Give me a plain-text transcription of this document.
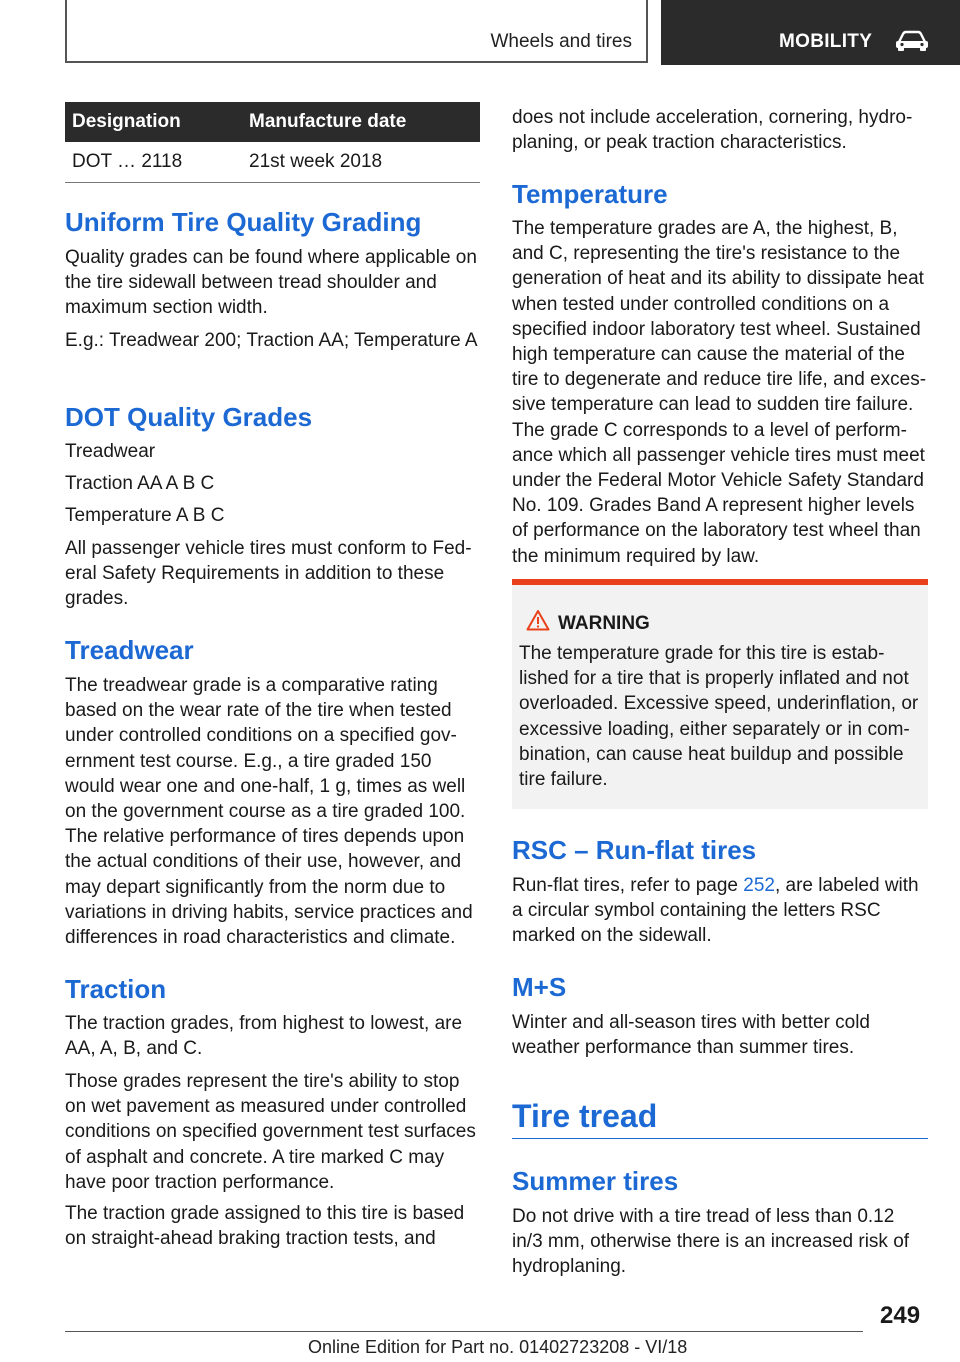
Wheels and tires	MOBILITY
Designation	Manufacture date
DOT … 2118	21st week 2018
Uniform Tire Quality Grading

Quality grades can be found where applicable on the tire sidewall between tread shoulder and maximum section width.

E.g.: Treadwear 200; Traction AA; Temperature A

DOT Quality Grades

Treadwear

Traction AA A B C

Temperature A B C

All passenger vehicle tires must conform to Federal Safety Requirements in addition to these grades.

Treadwear

The treadwear grade is a comparative rating based on the wear rate of the tire when tested under controlled conditions on a specified government test course. E.g., a tire graded 150 would wear one and one-half, 1 g, times as well on the government course as a tire graded 100. The relative performance of tires depends upon the actual conditions of their use, however, and may depart significantly from the norm due to variations in driving habits, service practices and differences in road characteristics and climate.

Traction

The traction grades, from highest to lowest, are AA, A, B, and C.

Those grades represent the tire's ability to stop on wet pavement as measured under controlled conditions on specified government test surfaces of asphalt and concrete. A tire marked C may have poor traction performance.

The traction grade assigned to this tire is based on straight-ahead braking traction tests, and

does not include acceleration, cornering, hydroplaning, or peak traction characteristics.

Temperature

The temperature grades are A, the highest, B, and C, representing the tire's resistance to the generation of heat and its ability to dissipate heat when tested under controlled conditions on a specified indoor laboratory test wheel. Sustained high temperature can cause the material of the tire to degenerate and reduce tire life, and excessive temperature can lead to sudden tire failure. The grade C corresponds to a level of performance which all passenger vehicle tires must meet under the Federal Motor Vehicle Safety Standard No. 109. Grades Band A represent higher levels of performance on the laboratory test wheel than the minimum required by law.

WARNING

The temperature grade for this tire is established for a tire that is properly inflated and not overloaded. Excessive speed, underinflation, or excessive loading, either separately or in combination, can cause heat buildup and possible tire failure.

RSC – Run-flat tires

Run-flat tires, refer to page 252, are labeled with a circular symbol containing the letters RSC marked on the sidewall.

M+S

Winter and all-season tires with better cold weather performance than summer tires.

Tire tread
Summer tires

Do not drive with a tire tread of less than 0.12 in/3 mm, otherwise there is an increased risk of hydroplaning.

249
Online Edition for Part no. 01402723208 - VI/18
